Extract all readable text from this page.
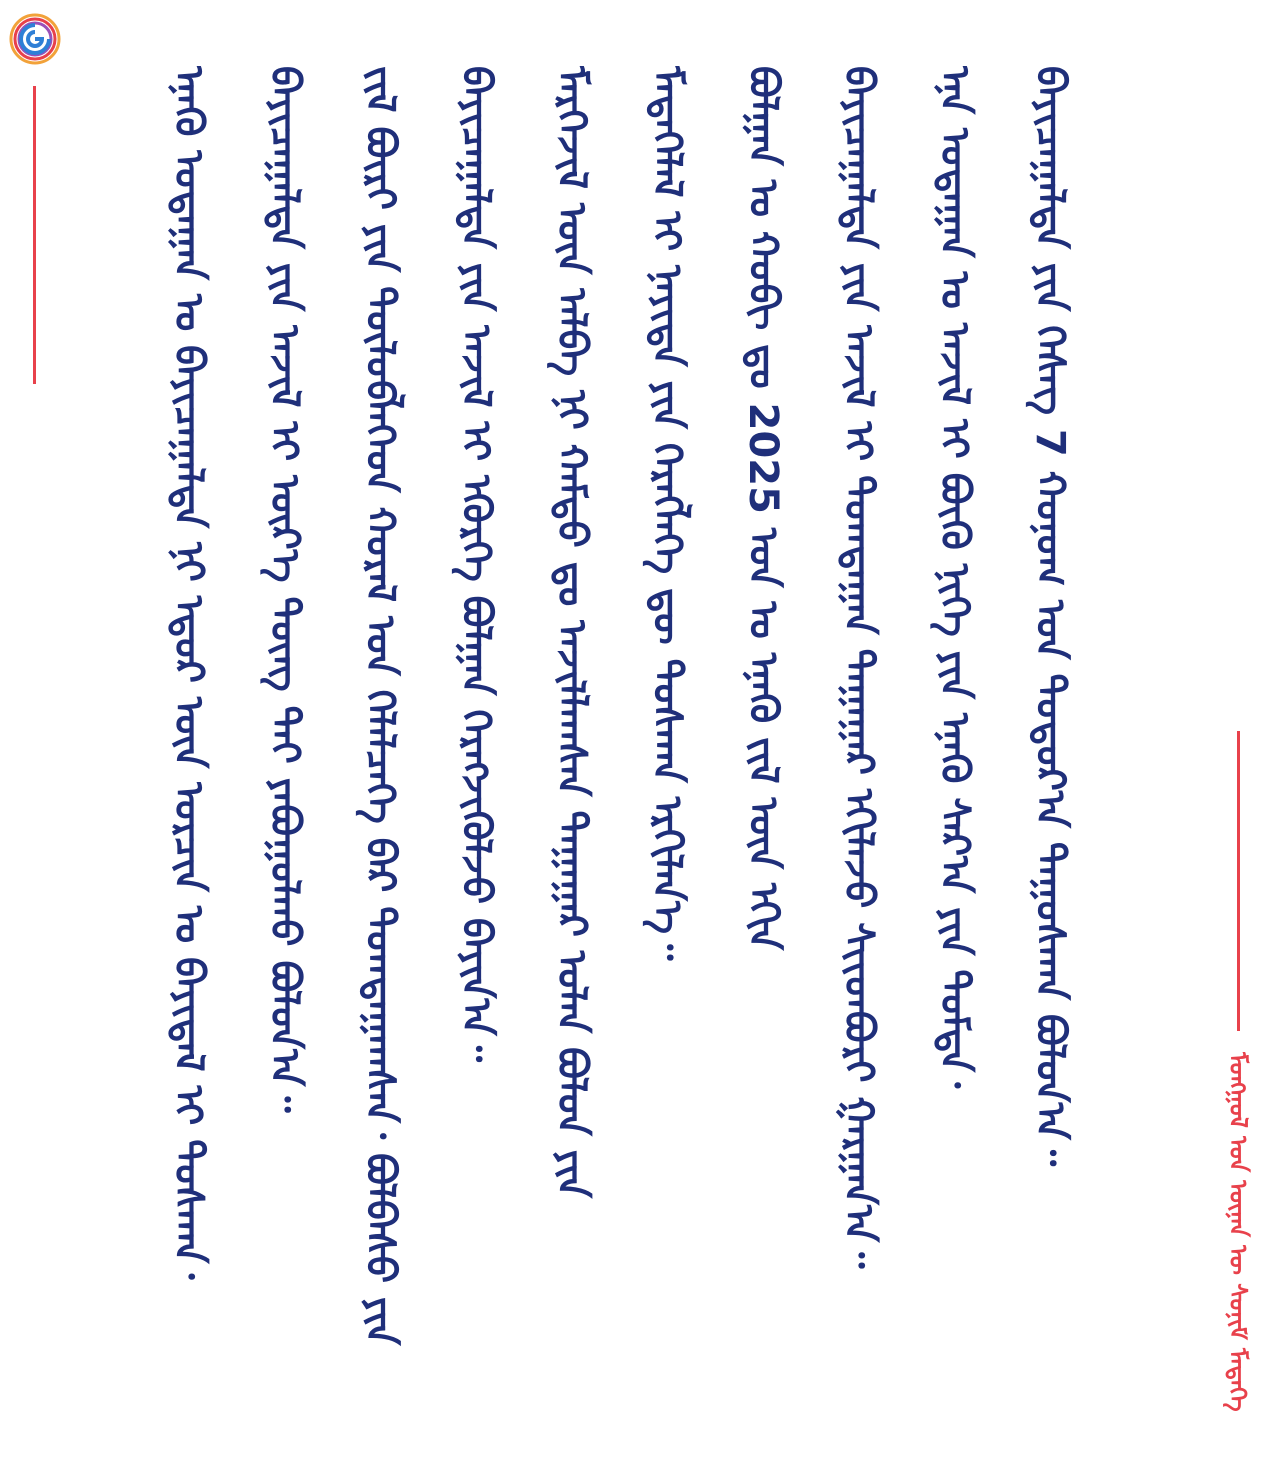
ᠮᠣᠩᠭᠣᠯ ᠤᠨ ᠦᠨᠡᠨ ᠦ ᠰᠣᠨᠢᠮ ᠮᠡᠳᠡᠭᠡ
ᠡᠨᠡᠬᠦ ᠤᠳᠠᠭᠠᠨ ᠤ ᠪᠠᠶᠢᠴᠠᠭᠠᠯᠲᠠ ᠨᠢ ᠡᠳᠦᠷ ᠦᠨ ᠣᠷᠴᠢᠨ ᠤ ᠪᠠᠶᠢᠳᠠᠯ ᠢ ᠲᠤᠰᠬᠠᠨ᠂	ᠪᠠᠶᠢᠴᠠᠭᠠᠯᠲᠠ ᠶᠢᠨ ᠠᠵᠢᠯ ᠢ ᠦᠷ᠎ᠡ ᠳᠦᠩ ᠲᠡᠢ ᠶᠠᠪᠤᠭᠤᠯᠬᠤ ᠪᠣᠯᠤᠨ᠎ᠠ᠃	ᠵᠢᠯ ᠪᠦᠷᠢ ᠶᠢᠨ ᠲᠥᠯᠥᠪᠯᠡᠭᠡᠳ ᠬᠤᠷᠠᠯ ᠤᠨ ᠬᠡᠯᠡᠯᠴᠡᠭᠡ ᠪᠠᠷ ᠲᠣᠭᠲᠠᠭᠠᠭᠰᠠᠨ᠂ ᠪᠣᠯᠪᠠᠰᠤ ᠶᠢᠨ	ᠪᠠᠶᠢᠴᠠᠭᠠᠯᠲᠠ ᠶᠢᠨ ᠠᠵᠢᠯ ᠢ ᠡᠭᠦᠷᠭᠡ ᠪᠣᠯᠭᠠᠨ ᠬᠡᠷᠡᠭᠵᠢᠭᠦᠯᠵᠦ ᠪᠠᠶᠢᠨ᠎ᠠ᠃	ᠮᠡᠷᠭᠡᠵᠢᠯ ᠦᠨ ᠠᠯᠪᠠ ᠨᠢ ᠬᠠᠮᠲᠤ ᠳᠤ ᠠᠵᠢᠯᠯᠠᠭᠰᠠᠨ ᠳᠠᠭᠠᠭᠠᠷ ᠣᠯᠠᠨ ᠪᠣᠯᠤᠨ ᠶᠢᠨ	ᠮᠡᠳᠡᠭᠡᠯᠡᠯ ᠢ ᠨᠡᠶᠢᠲᠡ ᠶᠢᠨ ᠬᠡᠷᠡᠭᠯᠡᠭᠡ ᠳᠦ ᠲᠤᠰᠬᠠᠨ ᠡᠷᠬᠢᠯᠡᠨ᠎ᠡ᠃	ᠪᠣᠯᠭᠠᠨ ᠤ ᠬᠤᠪᠢ ᠳᠤ 2025 ᠣᠨ ᠤ ᠡᠨᠡᠬᠦ ᠵᠢᠯ ᠦᠨ ᠡᠬᠢᠨ	ᠪᠠᠶᠢᠴᠠᠭᠠᠯᠲᠠ ᠶᠢᠨ ᠠᠵᠢᠯ ᠢ ᠲᠣᠭᠲᠠᠭᠠᠨ ᠳᠠᠭᠠᠭᠠᠷ ᠡᠬᠢᠯᠡᠵᠦ ᠰᠢᠢᠳᠪᠦᠷᠢ ᠭᠠᠷᠭᠠᠨ᠎ᠠ᠃	ᠡᠨᠡ ᠤᠳᠠᠭᠠᠨ ᠤ ᠠᠵᠢᠯ ᠢ ᠪᠦᠬᠦ ᠨᠢᠭᠡ ᠶᠢᠨ ᠡᠨᠡᠬᠦ ᠰᠠᠷ᠎ᠠ ᠶᠢᠨ ᠳᠤᠮᠳᠠ᠂	ᠪᠠᠶᠢᠴᠠᠭᠠᠯᠲᠠ ᠶᠢᠨ ᠬᠡᠰᠡᠭ 7 ᠬᠣᠨᠤᠭ ᠤᠨ ᠳᠣᠲᠣᠷ᠎ᠠ ᠳᠠᠭᠤᠰᠬᠠᠨ ᠪᠣᠯᠤᠨ᠎ᠠ᠃
